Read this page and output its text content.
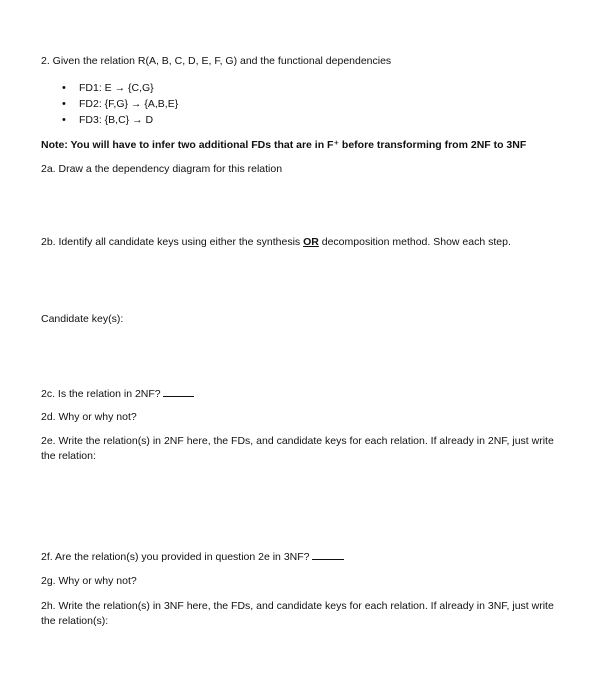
2. Given the relation R(A, B, C, D, E, F, G) and the functional dependencies
• FD1: E → {C,G}
• FD2: {F,G} → {A,B,E}
• FD3: {B,C} → D
Note: You will have to infer two additional FDs that are in F⁺ before transforming from 2NF to 3NF
2a. Draw a the dependency diagram for this relation
2b. Identify all candidate keys using either the synthesis OR decomposition method. Show each step.
Candidate key(s):
2c. Is the relation in 2NF?
2d. Why or why not?
2e. Write the relation(s) in 2NF here, the FDs, and candidate keys for each relation. If already in 2NF, just write the relation:
2f. Are the relation(s) you provided in question 2e in 3NF?
2g. Why or why not?
2h. Write the relation(s) in 3NF here, the FDs, and candidate keys for each relation. If already in 3NF, just write the relation(s):
